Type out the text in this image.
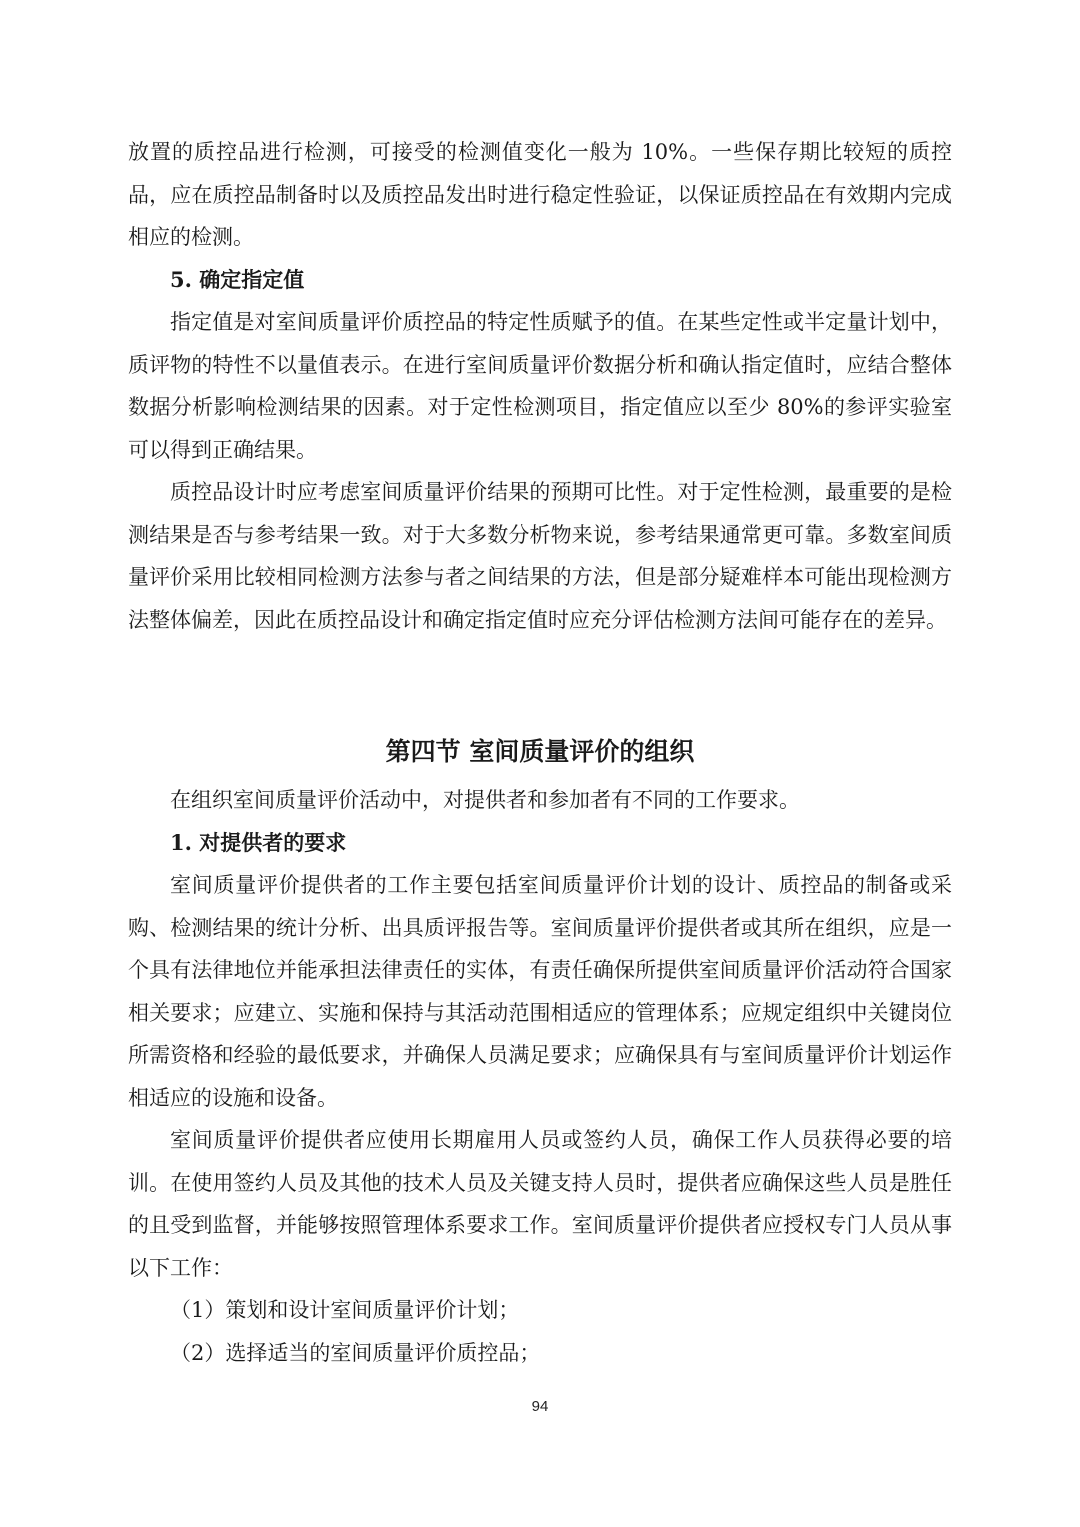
放置的质控品进行检测，可接受的检测值变化一般为 10%。一些保存期比较短的质控品，应在质控品制备时以及质控品发出时进行稳定性验证，以保证质控品在有效期内完成相应的检测。

5. 确定指定值

指定值是对室间质量评价质控品的特定性质赋予的值。在某些定性或半定量计划中，质评物的特性不以量值表示。在进行室间质量评价数据分析和确认指定值时，应结合整体数据分析影响检测结果的因素。对于定性检测项目，指定值应以至少 80%的参评实验室可以得到正确结果。

质控品设计时应考虑室间质量评价结果的预期可比性。对于定性检测，最重要的是检测结果是否与参考结果一致。对于大多数分析物来说，参考结果通常更可靠。多数室间质量评价采用比较相同检测方法参与者之间结果的方法，但是部分疑难样本可能出现检测方法整体偏差，因此在质控品设计和确定指定值时应充分评估检测方法间可能存在的差异。

第四节 室间质量评价的组织

在组织室间质量评价活动中，对提供者和参加者有不同的工作要求。

1. 对提供者的要求

室间质量评价提供者的工作主要包括室间质量评价计划的设计、质控品的制备或采购、检测结果的统计分析、出具质评报告等。室间质量评价提供者或其所在组织，应是一个具有法律地位并能承担法律责任的实体，有责任确保所提供室间质量评价活动符合国家相关要求；应建立、实施和保持与其活动范围相适应的管理体系；应规定组织中关键岗位所需资格和经验的最低要求，并确保人员满足要求；应确保具有与室间质量评价计划运作相适应的设施和设备。

室间质量评价提供者应使用长期雇用人员或签约人员，确保工作人员获得必要的培训。在使用签约人员及其他的技术人员及关键支持人员时，提供者应确保这些人员是胜任的且受到监督，并能够按照管理体系要求工作。室间质量评价提供者应授权专门人员从事以下工作：

（1）策划和设计室间质量评价计划；

（2）选择适当的室间质量评价质控品；

94
